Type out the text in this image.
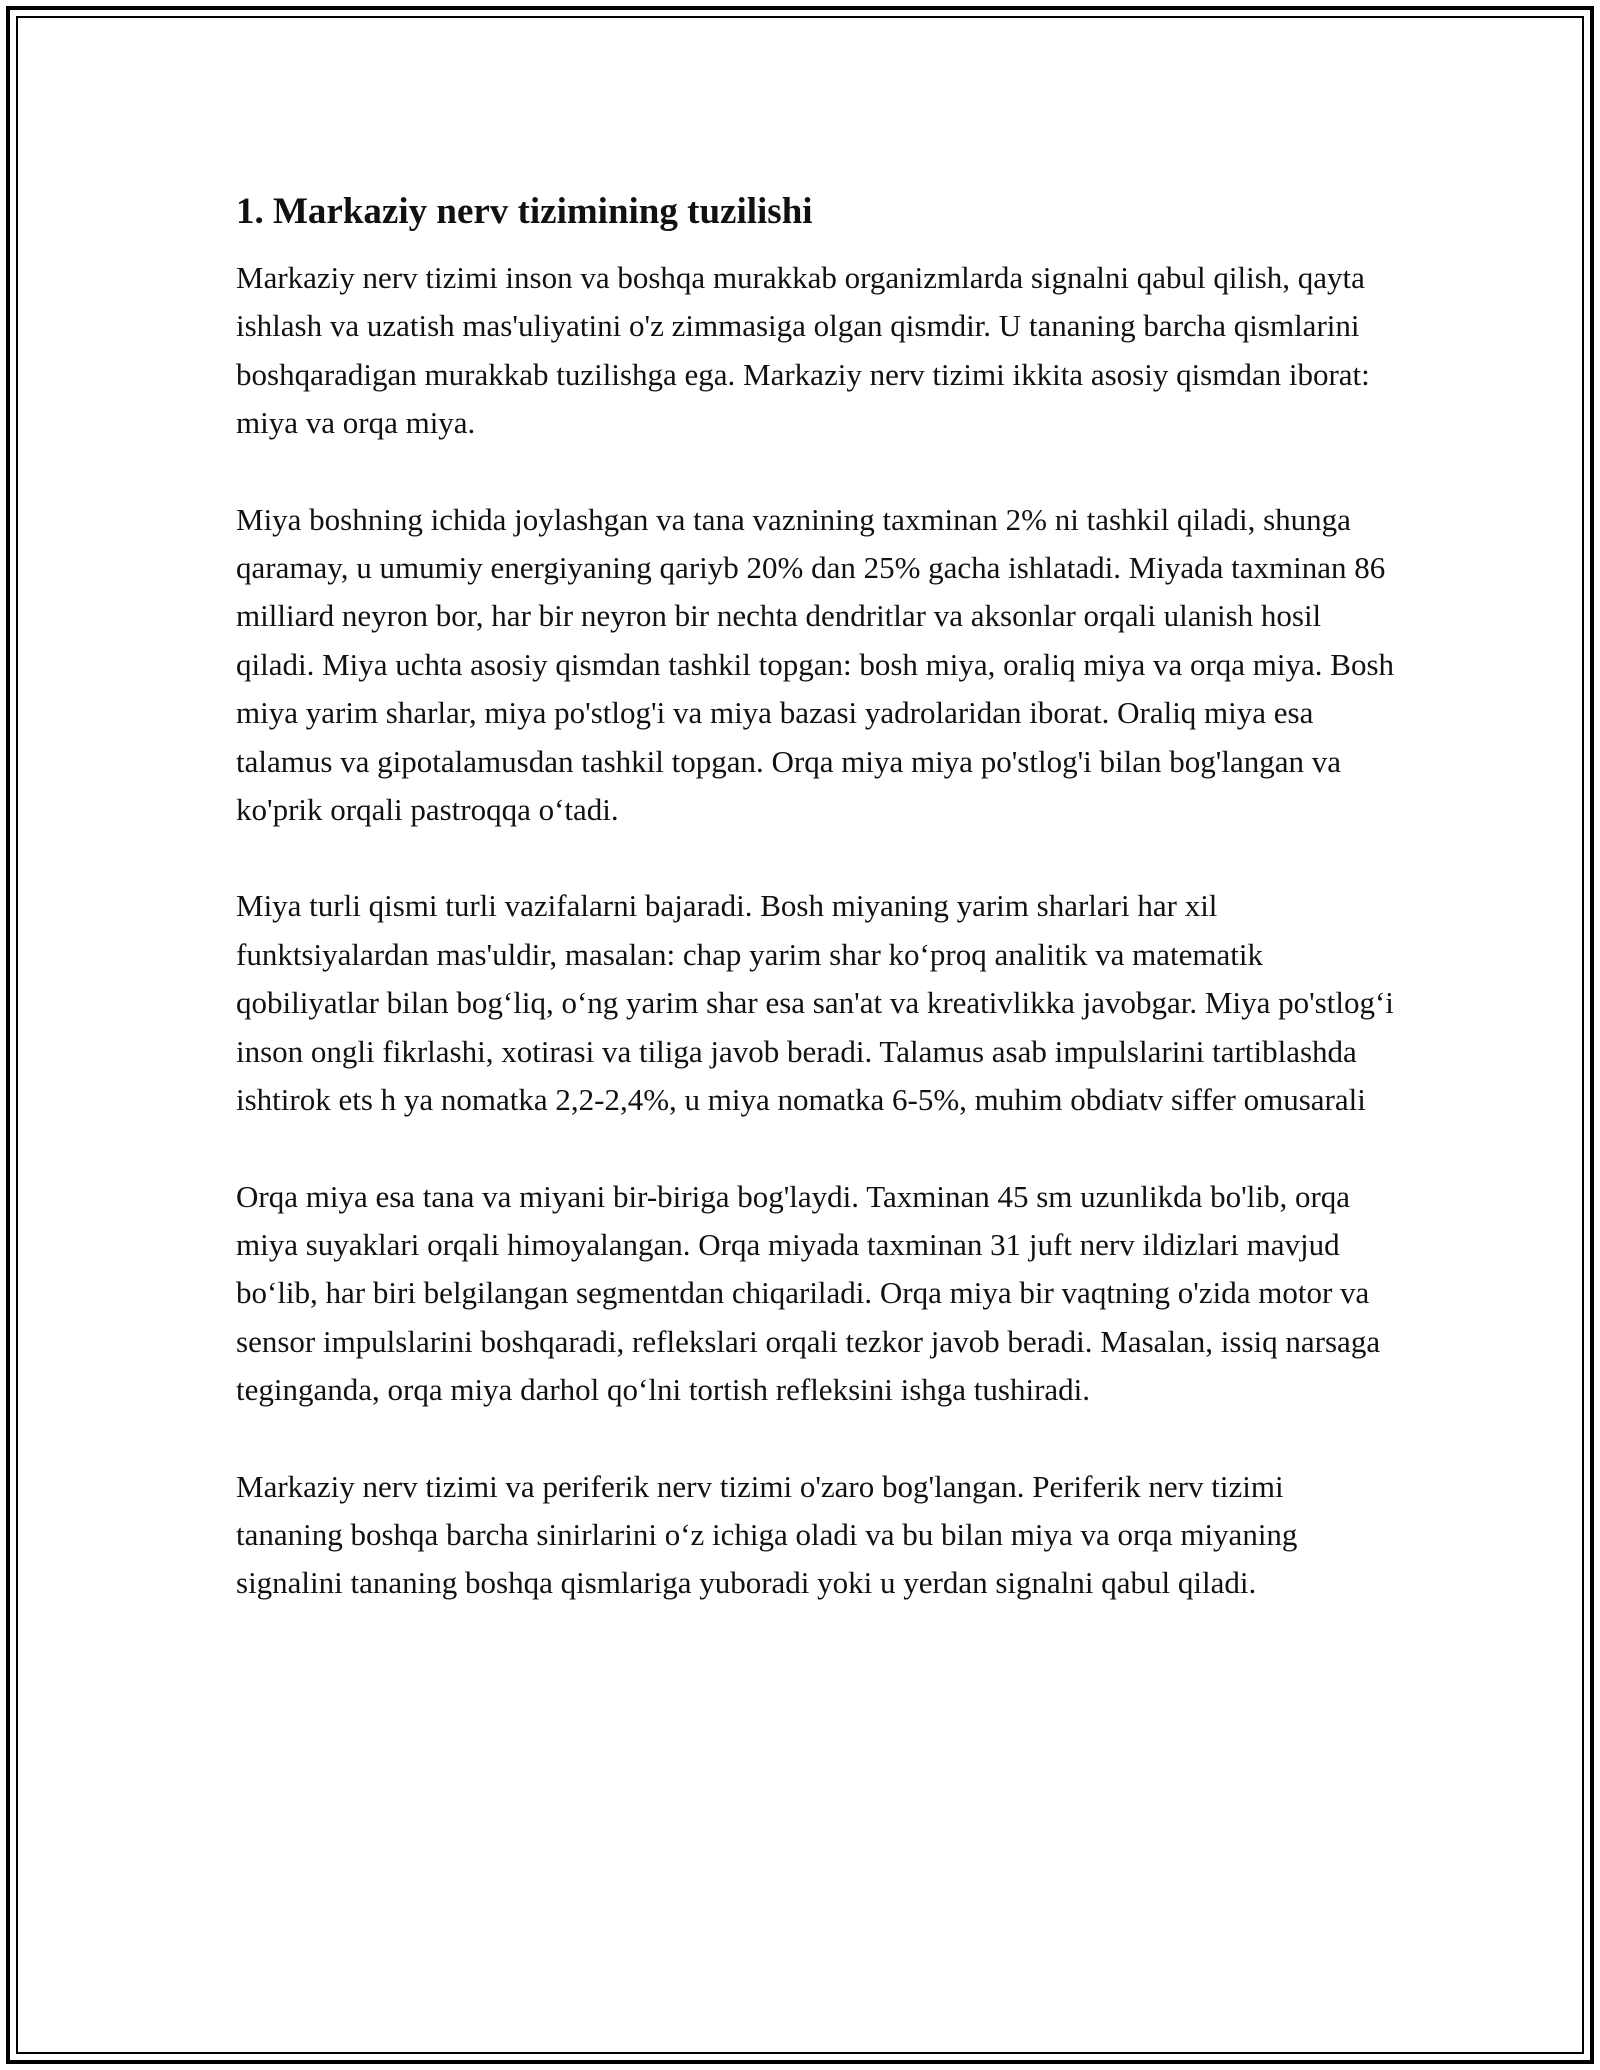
1. Markaziy nerv tizimining tuzilishi

Markaziy nerv tizimi inson va boshqa murakkab organizmlarda signalni qabul qilish, qayta ishlash va uzatish mas'uliyatini o'z zimmasiga olgan qismdir. U tananing barcha qismlarini boshqaradigan murakkab tuzilishga ega. Markaziy nerv tizimi ikkita asosiy qismdan iborat: miya va orqa miya.

Miya boshning ichida joylashgan va tana vaznining taxminan 2% ni tashkil qiladi, shunga qaramay, u umumiy energiyaning qariyb 20% dan 25% gacha ishlatadi. Miyada taxminan 86 milliard neyron bor, har bir neyron bir nechta dendritlar va aksonlar orqali ulanish hosil qiladi. Miya uchta asosiy qismdan tashkil topgan: bosh miya, oraliq miya va orqa miya. Bosh miya yarim sharlar, miya po'stlog'i va miya bazasi yadrolaridan iborat. Oraliq miya esa talamus va gipotalamusdan tashkil topgan. Orqa miya miya po'stlog'i bilan bog'langan va ko'prik orqali pastroqqa o‘tadi.

Miya turli qismi turli vazifalarni bajaradi. Bosh miyaning yarim sharlari har xil funktsiyalardan mas'uldir, masalan: chap yarim shar ko‘proq analitik va matematik qobiliyatlar bilan bog‘liq, o‘ng yarim shar esa san'at va kreativlikka javobgar. Miya po'stlog‘i inson ongli fikrlashi, xotirasi va tiliga javob beradi. Talamus asab impulslarini tartiblashda ishtirok ets h ya nomatka 2,2-2,4%, u miya nomatka 6-5%, muhim obdiatv siffer omusarali

Orqa miya esa tana va miyani bir-biriga bog'laydi. Taxminan 45 sm uzunlikda bo'lib, orqa miya suyaklari orqali himoyalangan. Orqa miyada taxminan 31 juft nerv ildizlari mavjud bo‘lib, har biri belgilangan segmentdan chiqariladi. Orqa miya bir vaqtning o'zida motor va sensor impulslarini boshqaradi, reflekslari orqali tezkor javob beradi. Masalan, issiq narsaga teginganda, orqa miya darhol qo‘lni tortish refleksini ishga tushiradi.

Markaziy nerv tizimi va periferik nerv tizimi o'zaro bog'langan. Periferik nerv tizimi tananing boshqa barcha sinirlarini o‘z ichiga oladi va bu bilan miya va orqa miyaning signalini tananing boshqa qismlariga yuboradi yoki u yerdan signalni qabul qiladi.
